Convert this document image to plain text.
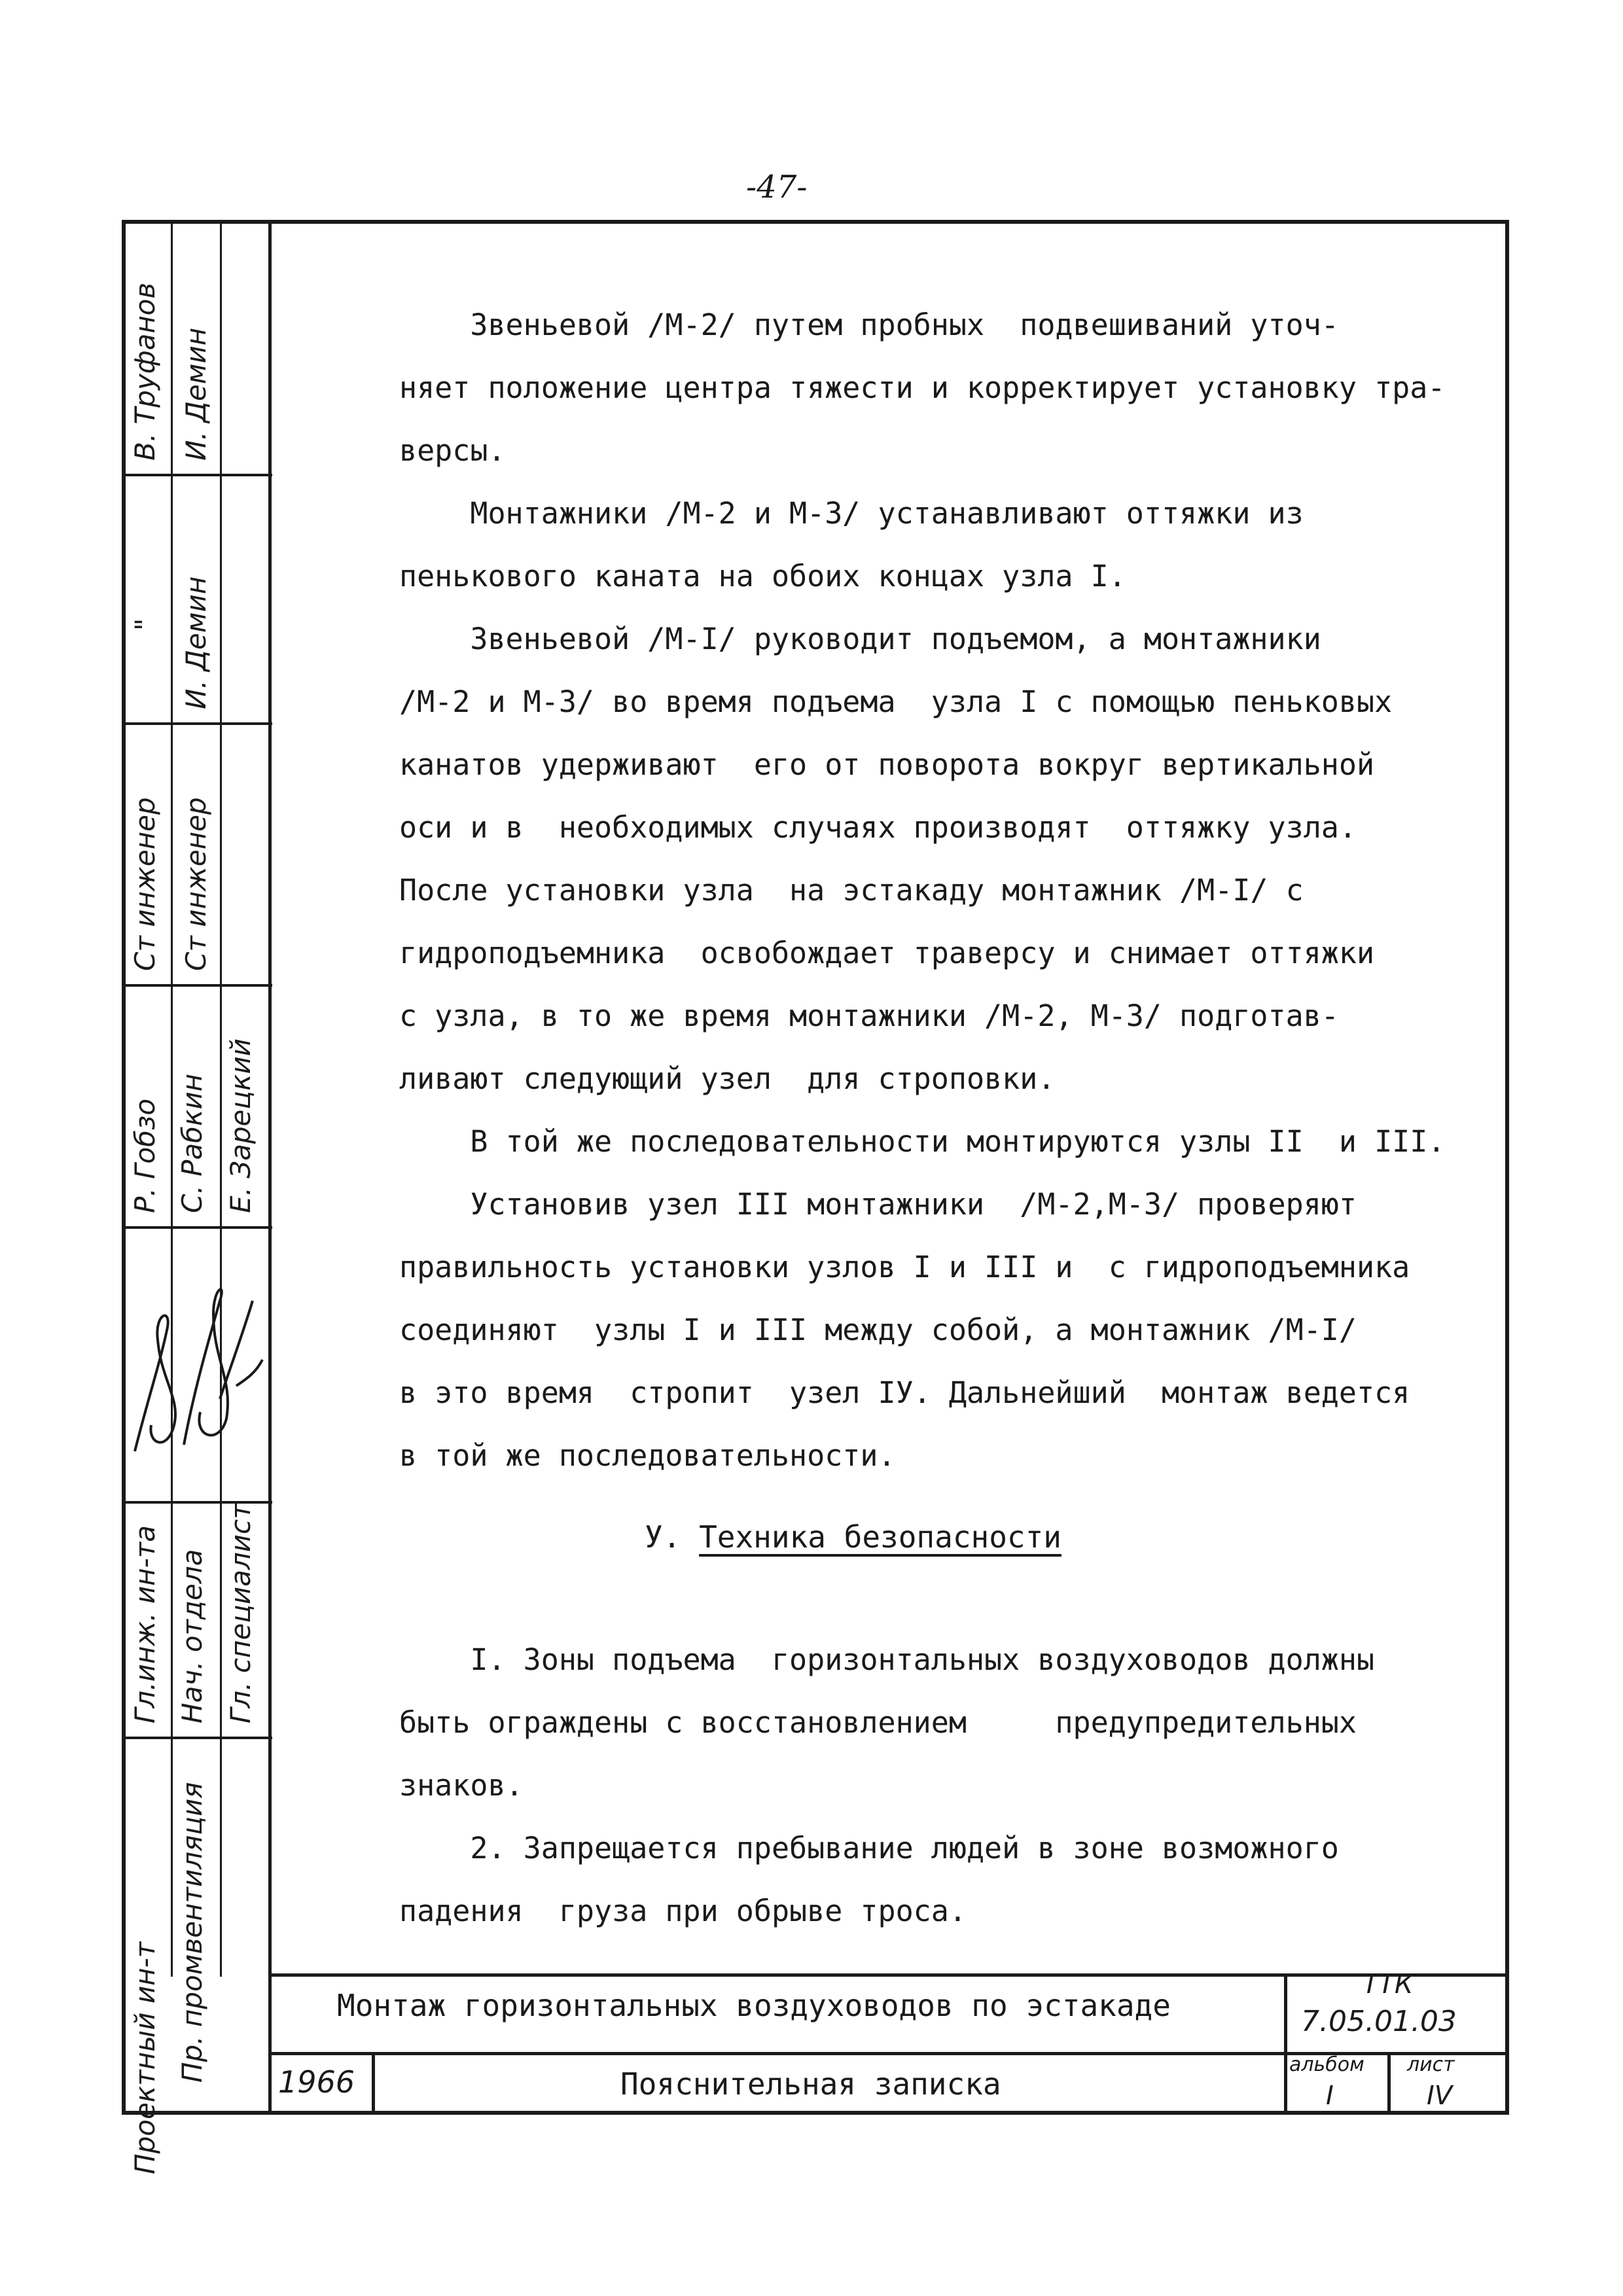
-47-
В. Труфанов И. Демин
" И. Демин
Ст инженер Ст инженер
Р. Гобзо С. Рабкин Е. Зарецкий
Гл.инж. ин-та Нач. отдела Гл. специалист
Проектный ин-т Пр. промвентиляция
Звеньевой /М-2/ путем пробных  подвешиваний уточ-
няет положение центра тяжести и корректирует установку тра-
версы.
Монтажники /М-2 и М-3/ устанавливают оттяжки из
пенькового каната на обоих концах узла I.
Звеньевой /М-I/ руководит подъемом, а монтажники
/М-2 и М-3/ во время подъема  узла I с помощью пеньковых
канатов удерживают  его от поворота вокруг вертикальной
оси и в  необходимых случаях производят  оттяжку узла.
После установки узла  на эстакаду монтажник /М-I/ с
гидроподъемника  освобождает траверсу и снимает оттяжки
с узла, в то же время монтажники /М-2, М-3/ подготав-
ливают следующий узел  для строповки.
В той же последовательности монтируются узлы II  и III.
Установив узел III монтажники  /М-2,М-3/ проверяют
правильность установки узлов I и III и  с гидроподъемника
соединяют  узлы I и III между собой, а монтажник /М-I/
в это время  стропит  узел IУ. Дальнейший  монтаж ведется
в той же последовательности.
I. Зоны подъема  горизонтальных воздуховодов должны
быть ограждены с восстановлением     предупредительных
знаков.
2. Запрещается пребывание людей в зоне возможного
падения  груза при обрыве троса.
У. Техника безопасности
Монтаж горизонтальных воздуховодов по эстакаде
Пояснительная записка
1966
ТТК
7.05.01.03
альбом
I
лист
IV
